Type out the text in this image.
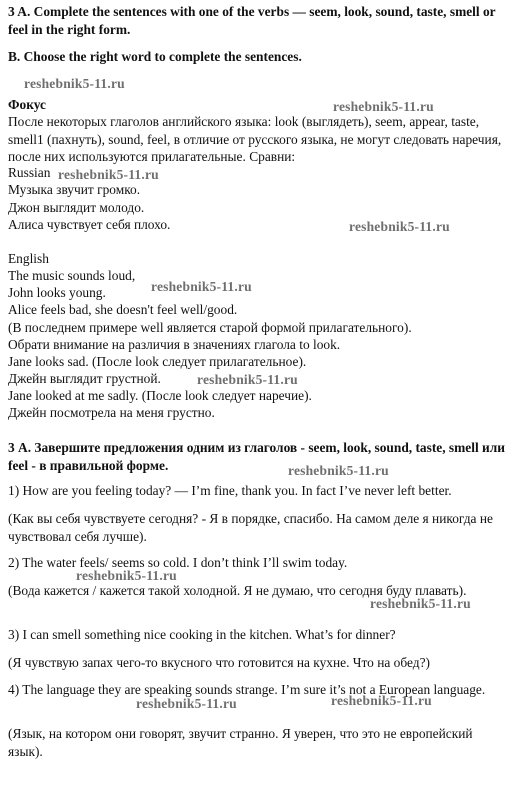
3 A. Complete the sentences with one of the verbs — seem, look, sound, taste, smell or feel in the right form.
B. Choose the right word to complete the sentences.
Фокус
После некоторых глаголов английского языка: look (выглядеть), seem, appear, taste, smell1 (пахнуть), sound, feel, в отличие от русского языка, не могут следовать наречия, после них используются прилагательные. Сравни:
Russian
Музыка звучит громко.
Джон выглядит молодо.
Алиса чувствует себя плохо.
English
The music sounds loud,
John looks young.
Alice feels bad, she doesn't feel well/good.
(В последнем примере well является старой формой прилагательного).
Обрати внимание на различия в значениях глагола to look.
Jane looks sad. (После look следует прилагательное).
Джейн выглядит грустной.
Jane looked at me sadly. (После look следует наречие).
Джейн посмотрела на меня грустно.
3 А. Завершите предложения одним из глаголов - seem, look, sound, taste, smell или feel - в правильной форме.
1) How are you feeling today? — I’m fine, thank you. In fact I’ve never left better.
(Как вы себя чувствуете сегодня? - Я в порядке, спасибо. На самом деле я никогда не чувствовал себя лучше).
2) The water feels/ seems so cold. I don’t think I’ll swim today.
(Вода кажется / кажется такой холодной. Я не думаю, что сегодня буду плавать).
3) I can smell something nice cooking in the kitchen. What’s for dinner?
(Я чувствую запах чего-то вкусного что готовится на кухне. Что на обед?)
4) The language they are speaking sounds strange. I’m sure it’s not a European language.
(Язык, на котором они говорят, звучит странно. Я уверен, что это не европейский язык).
reshebnik5-11.ru
reshebnik5-11.ru
reshebnik5-11.ru
reshebnik5-11.ru
reshebnik5-11.ru
reshebnik5-11.ru
reshebnik5-11.ru
reshebnik5-11.ru
reshebnik5-11.ru
reshebnik5-11.ru	reshebnik5-11.ru
